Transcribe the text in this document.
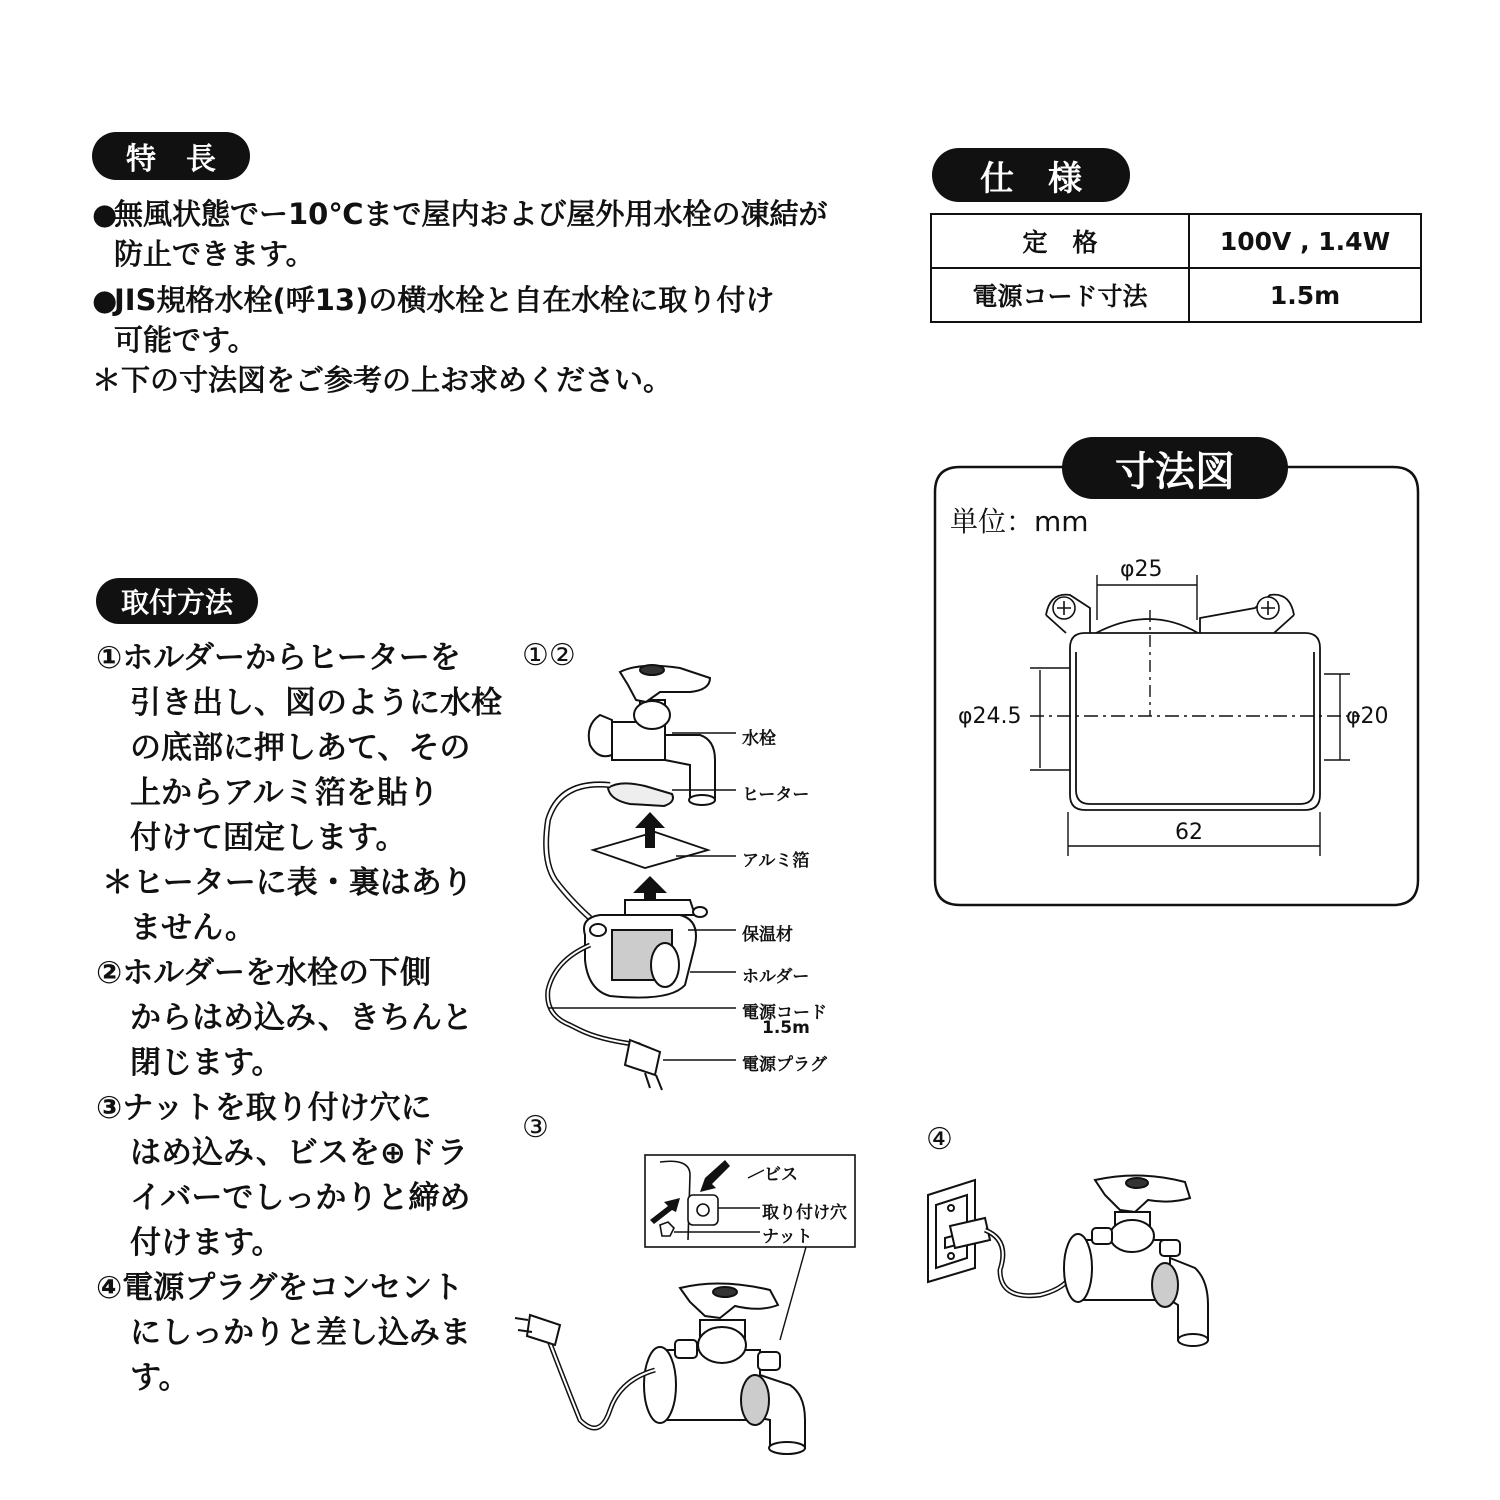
特　長
●
無風状態でー10℃まで屋内および屋外用水栓の凍結が
防止できます。
●
JIS規格水栓(呼13)の横水栓と自在水栓に取り付け
可能です。
＊下の寸法図をご参考の上お求めください。
仕　様
定　格	100V , 1.4W
電源コード寸法	1.5m
取付方法
①ホルダーからヒーターを
引き出し、図のように水栓
の底部に押しあて、その
上からアルミ箔を貼り
付けて固定します。
＊ヒーターに表・裏はあり
ません。
②ホルダーを水栓の下側
からはめ込み、きちんと
閉じます。
③ナットを取り付け穴に
はめ込み、ビスを⊕ドラ
イバーでしっかりと締め
付けます。
④電源プラグをコンセント
にしっかりと差し込みます。
寸法図
単位：mm
φ25
φ24.5	φ20
62
①②
水栓
ヒーター
アルミ箔
保温材
ホルダー
電源コード
1.5m
電源プラグ
③
ビス
取り付け穴
ナット
④
